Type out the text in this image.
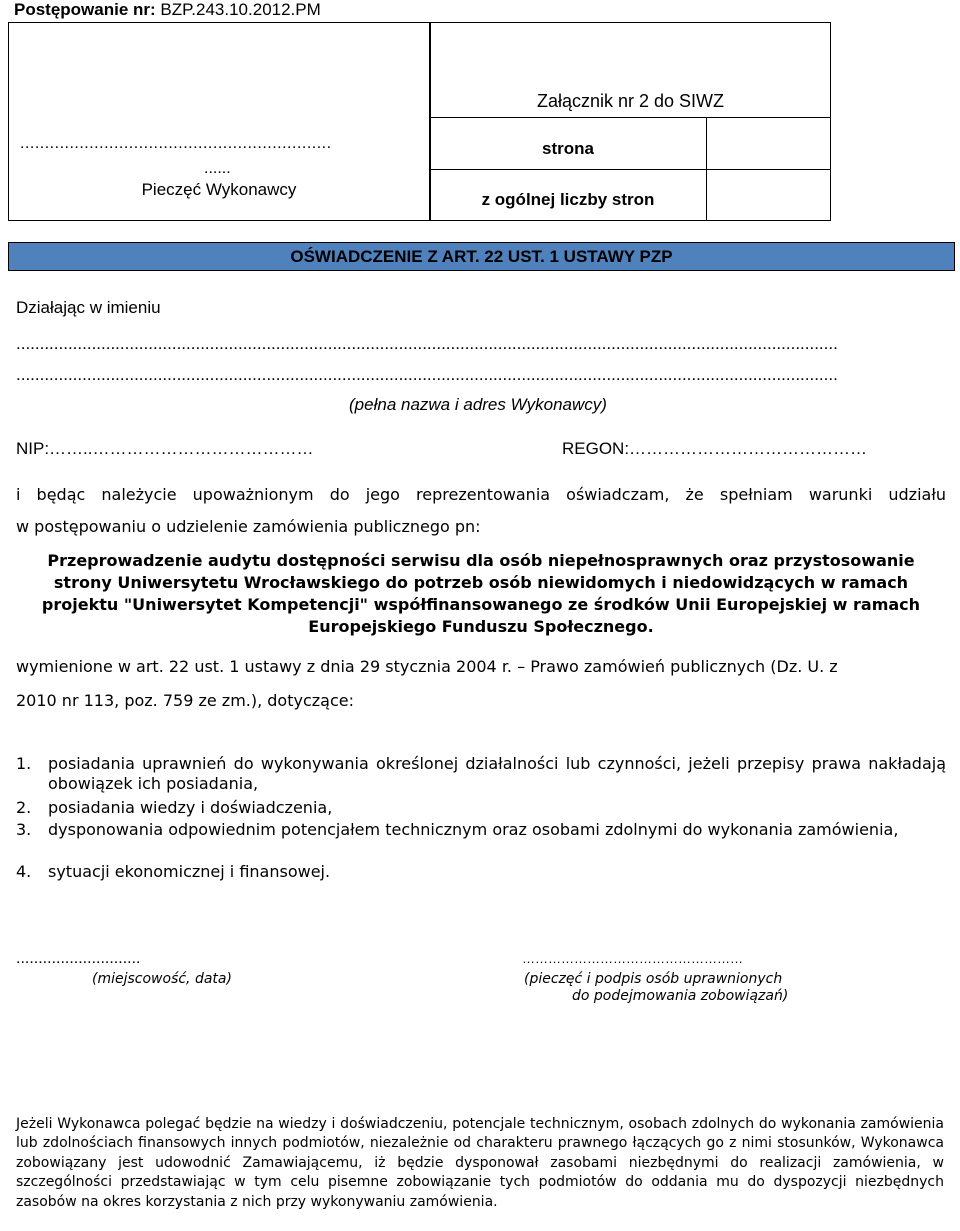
Postępowanie nr: BZP.243.10.2012.PM
...............................................................
......
Pieczęć Wykonawcy
Załącznik nr 2 do SIWZ
strona
z ogólnej liczby stron
OŚWIADCZENIE Z ART. 22 UST. 1 USTAWY PZP
Działając w imieniu
..............................................................................................................................................................................
..............................................................................................................................................................................
(pełna nazwa i adres Wykonawcy)
NIP:……..…………………………………	REGON:……………………………………
i będąc należycie upoważnionym do jego reprezentowania oświadczam, że spełniam warunki udziału
w postępowaniu o udzielenie zamówienia publicznego pn:
Przeprowadzenie audytu dostępności serwisu dla osób niepełnosprawnych oraz przystosowanie strony Uniwersytetu Wrocławskiego do potrzeb osób niewidomych i niedowidzących w ramach projektu "Uniwersytet Kompetencji" współfinansowanego ze środków Unii Europejskiej w ramach Europejskiego Funduszu Społecznego.
wymienione w art. 22 ust. 1 ustawy z dnia 29 stycznia 2004 r. – Prawo zamówień publicznych (Dz. U. z
2010 nr 113, poz. 759 ze zm.), dotyczące:
1. posiadania uprawnień do wykonywania określonej działalności lub czynności, jeżeli przepisy prawa nakładają obowiązek ich posiadania,
2. posiadania wiedzy i doświadczenia,
3. dysponowania odpowiednim potencjałem technicznym oraz osobami zdolnymi do wykonania zamówienia,
4. sytuacji ekonomicznej i finansowej.
............................
(miejscowość, data)
……………………………………………
(pieczęć i podpis osób uprawnionych
do podejmowania zobowiązań)
Jeżeli Wykonawca polegać będzie na wiedzy i doświadczeniu, potencjale technicznym, osobach zdolnych do wykonania zamówienia lub zdolnościach finansowych innych podmiotów, niezależnie od charakteru prawnego łączących go z nimi stosunków, Wykonawca zobowiązany jest udowodnić Zamawiającemu, iż będzie dysponował zasobami niezbędnymi do realizacji zamówienia, w szczególności przedstawiając w tym celu pisemne zobowiązanie tych podmiotów do oddania mu do dyspozycji niezbędnych zasobów na okres korzystania z nich przy wykonywaniu zamówienia.
